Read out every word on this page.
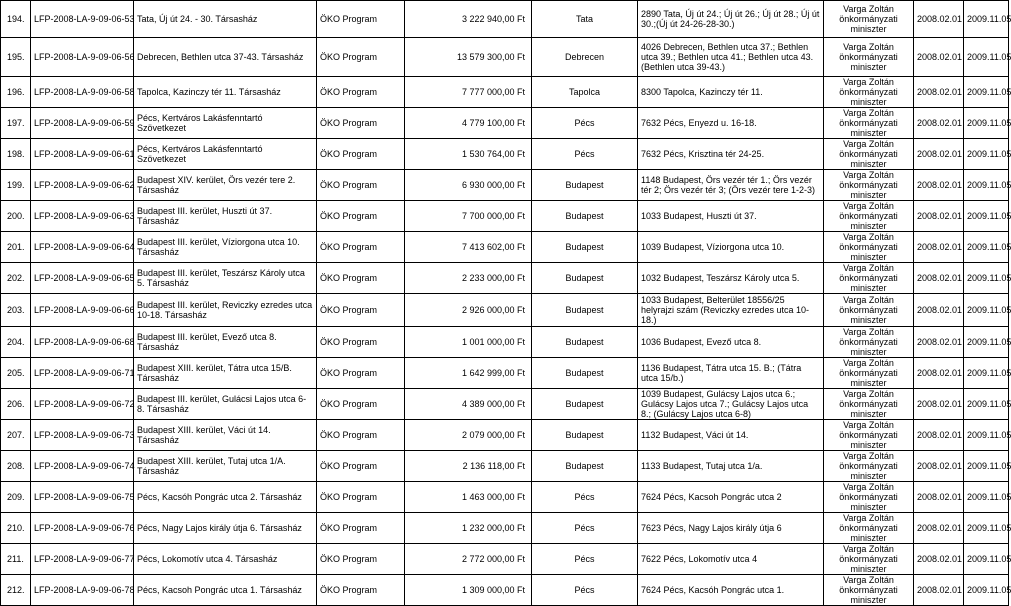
194.	LFP-2008-LA-9-09-06-53	Tata, Új út 24. - 30. Társasház	ÖKO Program	3 222 940,00 Ft	Tata	2890 Tata, Új út 24.; Új út 26.; Új út 28.; Új út 30.;(Új út 24-26-28-30.)	Varga Zoltán
önkormányzati miniszter	2008.02.01	2009.11.05
195.	LFP-2008-LA-9-09-06-56	Debrecen, Bethlen utca 37-43. Társasház	ÖKO Program	13 579 300,00 Ft	Debrecen	4026 Debrecen, Bethlen utca 37.; Bethlen utca 39.; Bethlen utca 41.; Bethlen utca 43. (Bethlen utca 39-43.)	Varga Zoltán
önkormányzati miniszter	2008.02.01	2009.11.05
196.	LFP-2008-LA-9-09-06-58	Tapolca, Kazinczy tér 11. Társasház	ÖKO Program	7 777 000,00 Ft	Tapolca	8300 Tapolca, Kazinczy tér 11.	Varga Zoltán
önkormányzati miniszter	2008.02.01	2009.11.05
197.	LFP-2008-LA-9-09-06-59	Pécs, Kertváros Lakásfenntartó Szövetkezet	ÖKO Program	4 779 100,00 Ft	Pécs	7632 Pécs, Enyezd u. 16-18.	Varga Zoltán
önkormányzati miniszter	2008.02.01	2009.11.05
198.	LFP-2008-LA-9-09-06-61	Pécs, Kertváros Lakásfenntartó Szövetkezet	ÖKO Program	1 530 764,00 Ft	Pécs	7632 Pécs, Krisztina tér 24-25.	Varga Zoltán
önkormányzati miniszter	2008.02.01	2009.11.05
199.	LFP-2008-LA-9-09-06-62	Budapest XIV. kerület, Örs vezér tere 2. Társasház	ÖKO Program	6 930 000,00 Ft	Budapest	1148 Budapest, Örs vezér tér 1.; Örs vezér tér 2; Örs vezér tér 3; (Örs vezér tere 1-2-3)	Varga Zoltán
önkormányzati miniszter	2008.02.01	2009.11.05
200.	LFP-2008-LA-9-09-06-63	Budapest III. kerület, Huszti út 37. Társasház	ÖKO Program	7 700 000,00 Ft	Budapest	1033 Budapest, Huszti út 37.	Varga Zoltán
önkormányzati miniszter	2008.02.01	2009.11.05
201.	LFP-2008-LA-9-09-06-64	Budapest III. kerület, Víziorgona utca 10. Társasház	ÖKO Program	7 413 602,00 Ft	Budapest	1039 Budapest, Víziorgona utca 10.	Varga Zoltán
önkormányzati miniszter	2008.02.01	2009.11.05
202.	LFP-2008-LA-9-09-06-65	Budapest III. kerület, Teszársz Károly utca 5. Társasház	ÖKO Program	2 233 000,00 Ft	Budapest	1032 Budapest, Teszársz Károly utca 5.	Varga Zoltán
önkormányzati miniszter	2008.02.01	2009.11.05
203.	LFP-2008-LA-9-09-06-66	Budapest III. kerület, Reviczky ezredes utca 10-18. Társasház	ÖKO Program	2 926 000,00 Ft	Budapest	1033 Budapest, Belterület 18556/25 helyrajzi szám (Reviczky ezredes utca 10-18.)	Varga Zoltán
önkormányzati miniszter	2008.02.01	2009.11.05
204.	LFP-2008-LA-9-09-06-68	Budapest III. kerület, Evező utca 8. Társasház	ÖKO Program	1 001 000,00 Ft	Budapest	1036 Budapest, Evező utca 8.	Varga Zoltán
önkormányzati miniszter	2008.02.01	2009.11.05
205.	LFP-2008-LA-9-09-06-71	Budapest XIII. kerület, Tátra utca 15/B. Társasház	ÖKO Program	1 642 999,00 Ft	Budapest	1136 Budapest, Tátra utca 15. B.; (Tátra utca 15/b.)	Varga Zoltán
önkormányzati miniszter	2008.02.01	2009.11.05
206.	LFP-2008-LA-9-09-06-72	Budapest III. kerület, Gulácsi Lajos utca 6-8. Társasház	ÖKO Program	4 389 000,00 Ft	Budapest	1039 Budapest, Gulácsy Lajos utca 6.; Gulácsy Lajos utca 7.; Gulácsy Lajos utca 8.; (Gulácsy Lajos utca 6-8)	Varga Zoltán
önkormányzati miniszter	2008.02.01	2009.11.05
207.	LFP-2008-LA-9-09-06-73	Budapest XIII. kerület, Váci út 14. Társasház	ÖKO Program	2 079 000,00 Ft	Budapest	1132 Budapest, Váci út 14.	Varga Zoltán
önkormányzati miniszter	2008.02.01	2009.11.05
208.	LFP-2008-LA-9-09-06-74	Budapest XIII. kerület, Tutaj utca 1/A. Társasház	ÖKO Program	2 136 118,00 Ft	Budapest	1133 Budapest, Tutaj utca 1/a.	Varga Zoltán
önkormányzati miniszter	2008.02.01	2009.11.05
209.	LFP-2008-LA-9-09-06-75	Pécs, Kacsóh Pongrác utca 2. Társasház	ÖKO Program	1 463 000,00 Ft	Pécs	7624 Pécs, Kacsoh Pongrác utca 2	Varga Zoltán
önkormányzati miniszter	2008.02.01	2009.11.05
210.	LFP-2008-LA-9-09-06-76	Pécs, Nagy Lajos király útja 6. Társasház	ÖKO Program	1 232 000,00 Ft	Pécs	7623 Pécs, Nagy Lajos király útja 6	Varga Zoltán
önkormányzati miniszter	2008.02.01	2009.11.05
211.	LFP-2008-LA-9-09-06-77	Pécs, Lokomotív utca 4. Társasház	ÖKO Program	2 772 000,00 Ft	Pécs	7622 Pécs, Lokomotív utca 4	Varga Zoltán
önkormányzati miniszter	2008.02.01	2009.11.05
212.	LFP-2008-LA-9-09-06-78	Pécs, Kacsoh Pongrác utca 1. Társasház	ÖKO Program	1 309 000,00 Ft	Pécs	7624 Pécs, Kacsóh Pongrác utca 1.	Varga Zoltán
önkormányzati miniszter	2008.02.01	2009.11.05
